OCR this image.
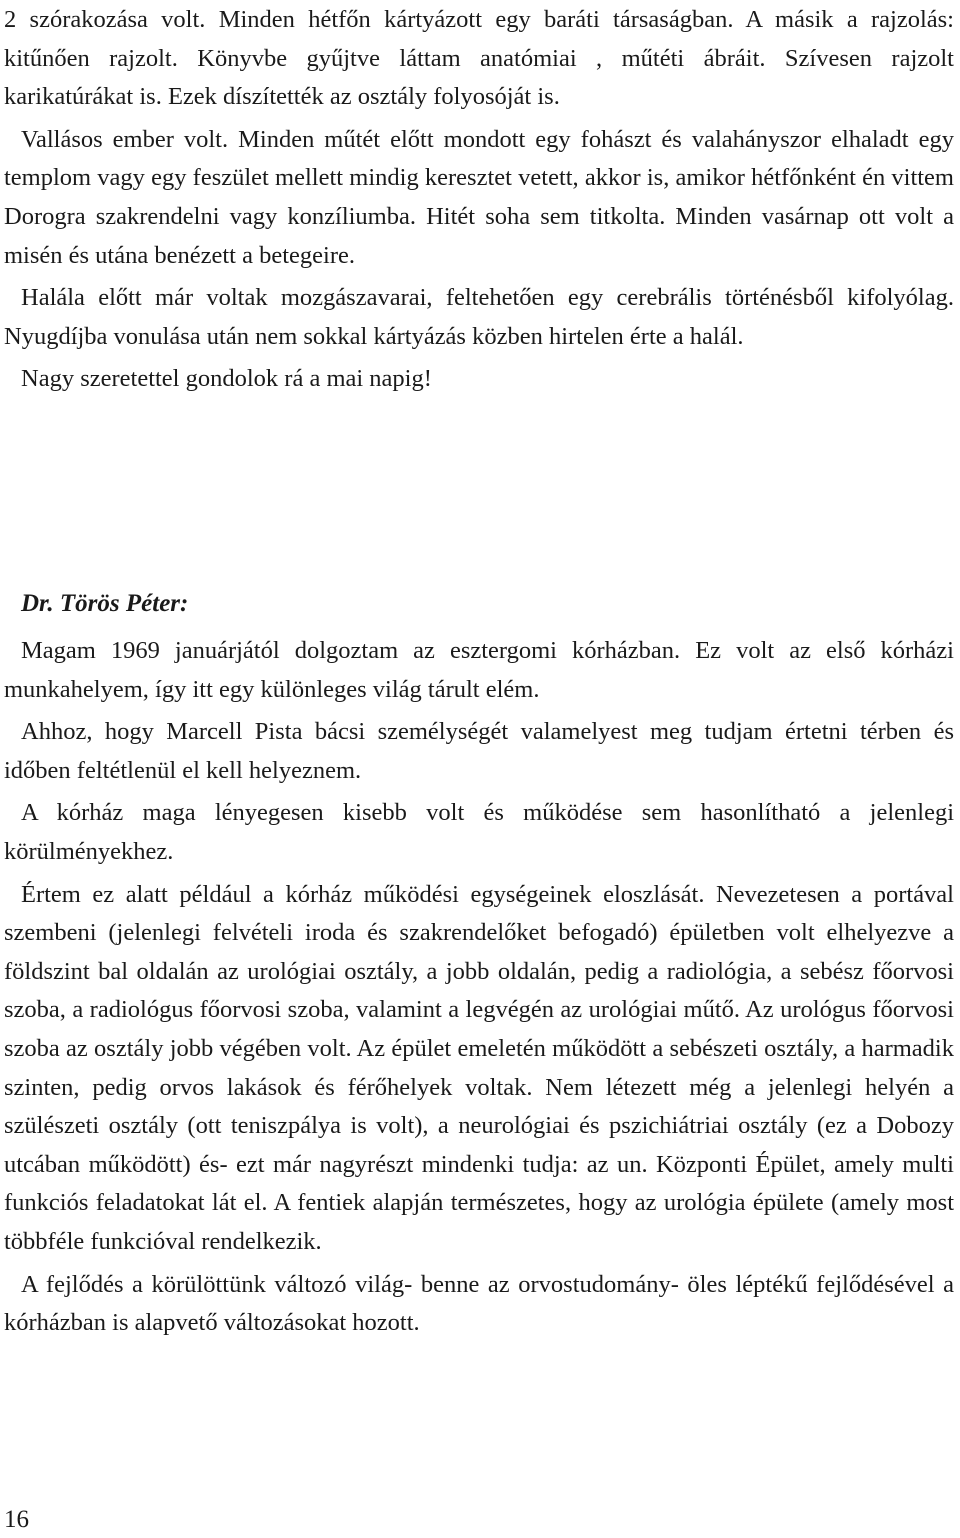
2 szórakozása volt. Minden hétfőn kártyázott egy baráti társaságban. A másik a rajzolás: kitűnően rajzolt. Könyvbe gyűjtve láttam anatómiai , műtéti ábráit. Szívesen rajzolt karikatúrákat is. Ezek díszítették az osztály folyosóját is.

Vallásos ember volt. Minden műtét előtt mondott egy fohászt és valahányszor elhaladt egy templom vagy egy feszület mellett mindig keresztet vetett, akkor is, amikor hétfőnként én vittem Dorogra szakrendelni vagy konzíliumba. Hitét soha sem titkolta. Minden vasárnap ott volt a misén és utána benézett a betegeire.

Halála előtt már voltak mozgászavarai, feltehetően egy cerebrális történésből kifolyólag. Nyugdíjba vonulása után nem sokkal kártyázás közben hirtelen érte a halál.

Nagy szeretettel gondolok rá a mai napig!

Dr. Törös Péter:

Magam 1969 januárjától dolgoztam az esztergomi kórházban. Ez volt az első kórházi munkahelyem, így itt egy különleges világ tárult elém.

Ahhoz, hogy Marcell Pista bácsi személységét valamelyest meg tudjam értetni térben és időben feltétlenül el kell helyeznem.

A kórház maga lényegesen kisebb volt és működése sem hasonlítható a jelenlegi körülményekhez.

Értem ez alatt például a kórház működési egységeinek eloszlását. Nevezetesen a portával szembeni (jelenlegi felvételi iroda és szakrendelőket befogadó) épületben volt elhelyezve a földszint bal oldalán az urológiai osztály, a jobb oldalán, pedig a radiológia, a sebész főorvosi szoba, a radiológus főorvosi szoba, valamint a legvégén az urológiai műtő. Az urológus főorvosi szoba az osztály jobb végében volt. Az épület emeletén működött a sebészeti osztály, a harmadik szinten, pedig orvos lakások és férőhelyek voltak. Nem létezett még a jelenlegi helyén a szülészeti osztály (ott teniszpálya is volt), a neurológiai és pszichiátriai osztály (ez a Dobozy utcában működött) és- ezt már nagyrészt mindenki tudja: az un. Központi Épület, amely multi funkciós feladatokat lát el. A fentiek alapján természetes, hogy az urológia épülete (amely most többféle funkcióval rendelkezik.

A fejlődés a körülöttünk változó világ- benne az orvostudomány- öles léptékű fejlődésével a kórházban is alapvető változásokat hozott.

16
